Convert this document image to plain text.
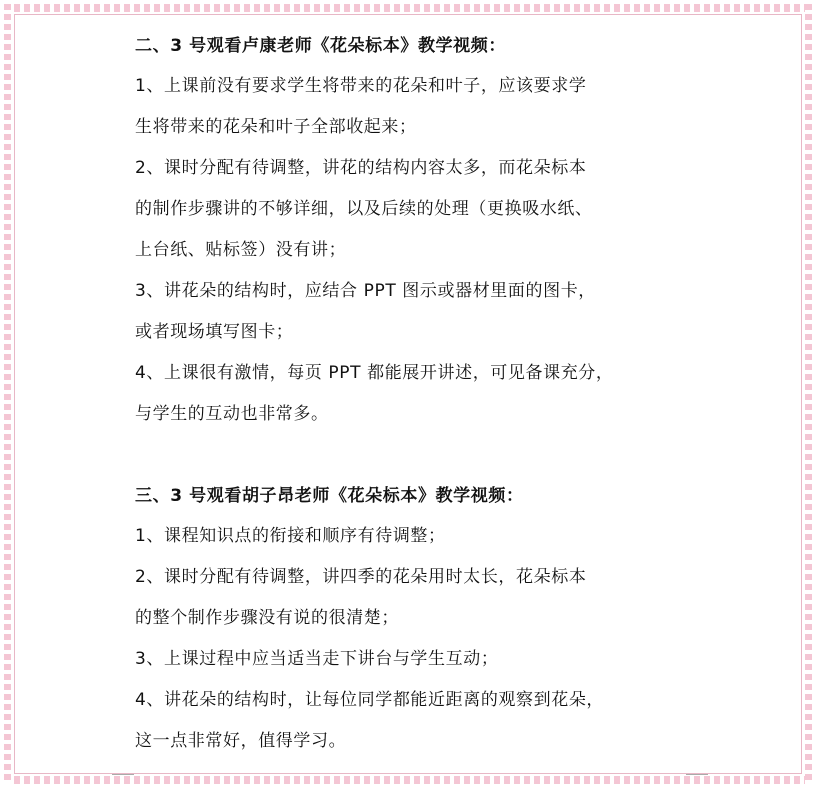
二、3 号观看卢康老师《花朵标本》教学视频：
1、上课前没有要求学生将带来的花朵和叶子，应该要求学
生将带来的花朵和叶子全部收起来；
2、课时分配有待调整，讲花的结构内容太多，而花朵标本
的制作步骤讲的不够详细，以及后续的处理（更换吸水纸、
上台纸、贴标签）没有讲；
3、讲花朵的结构时，应结合 PPT 图示或器材里面的图卡，
或者现场填写图卡；
4、上课很有激情，每页 PPT 都能展开讲述，可见备课充分，
与学生的互动也非常多。
三、3 号观看胡子昂老师《花朵标本》教学视频：
1、课程知识点的衔接和顺序有待调整；
2、课时分配有待调整，讲四季的花朵用时太长，花朵标本
的整个制作步骤没有说的很清楚；
3、上课过程中应当适当走下讲台与学生互动；
4、讲花朵的结构时，让每位同学都能近距离的观察到花朵，
这一点非常好，值得学习。
